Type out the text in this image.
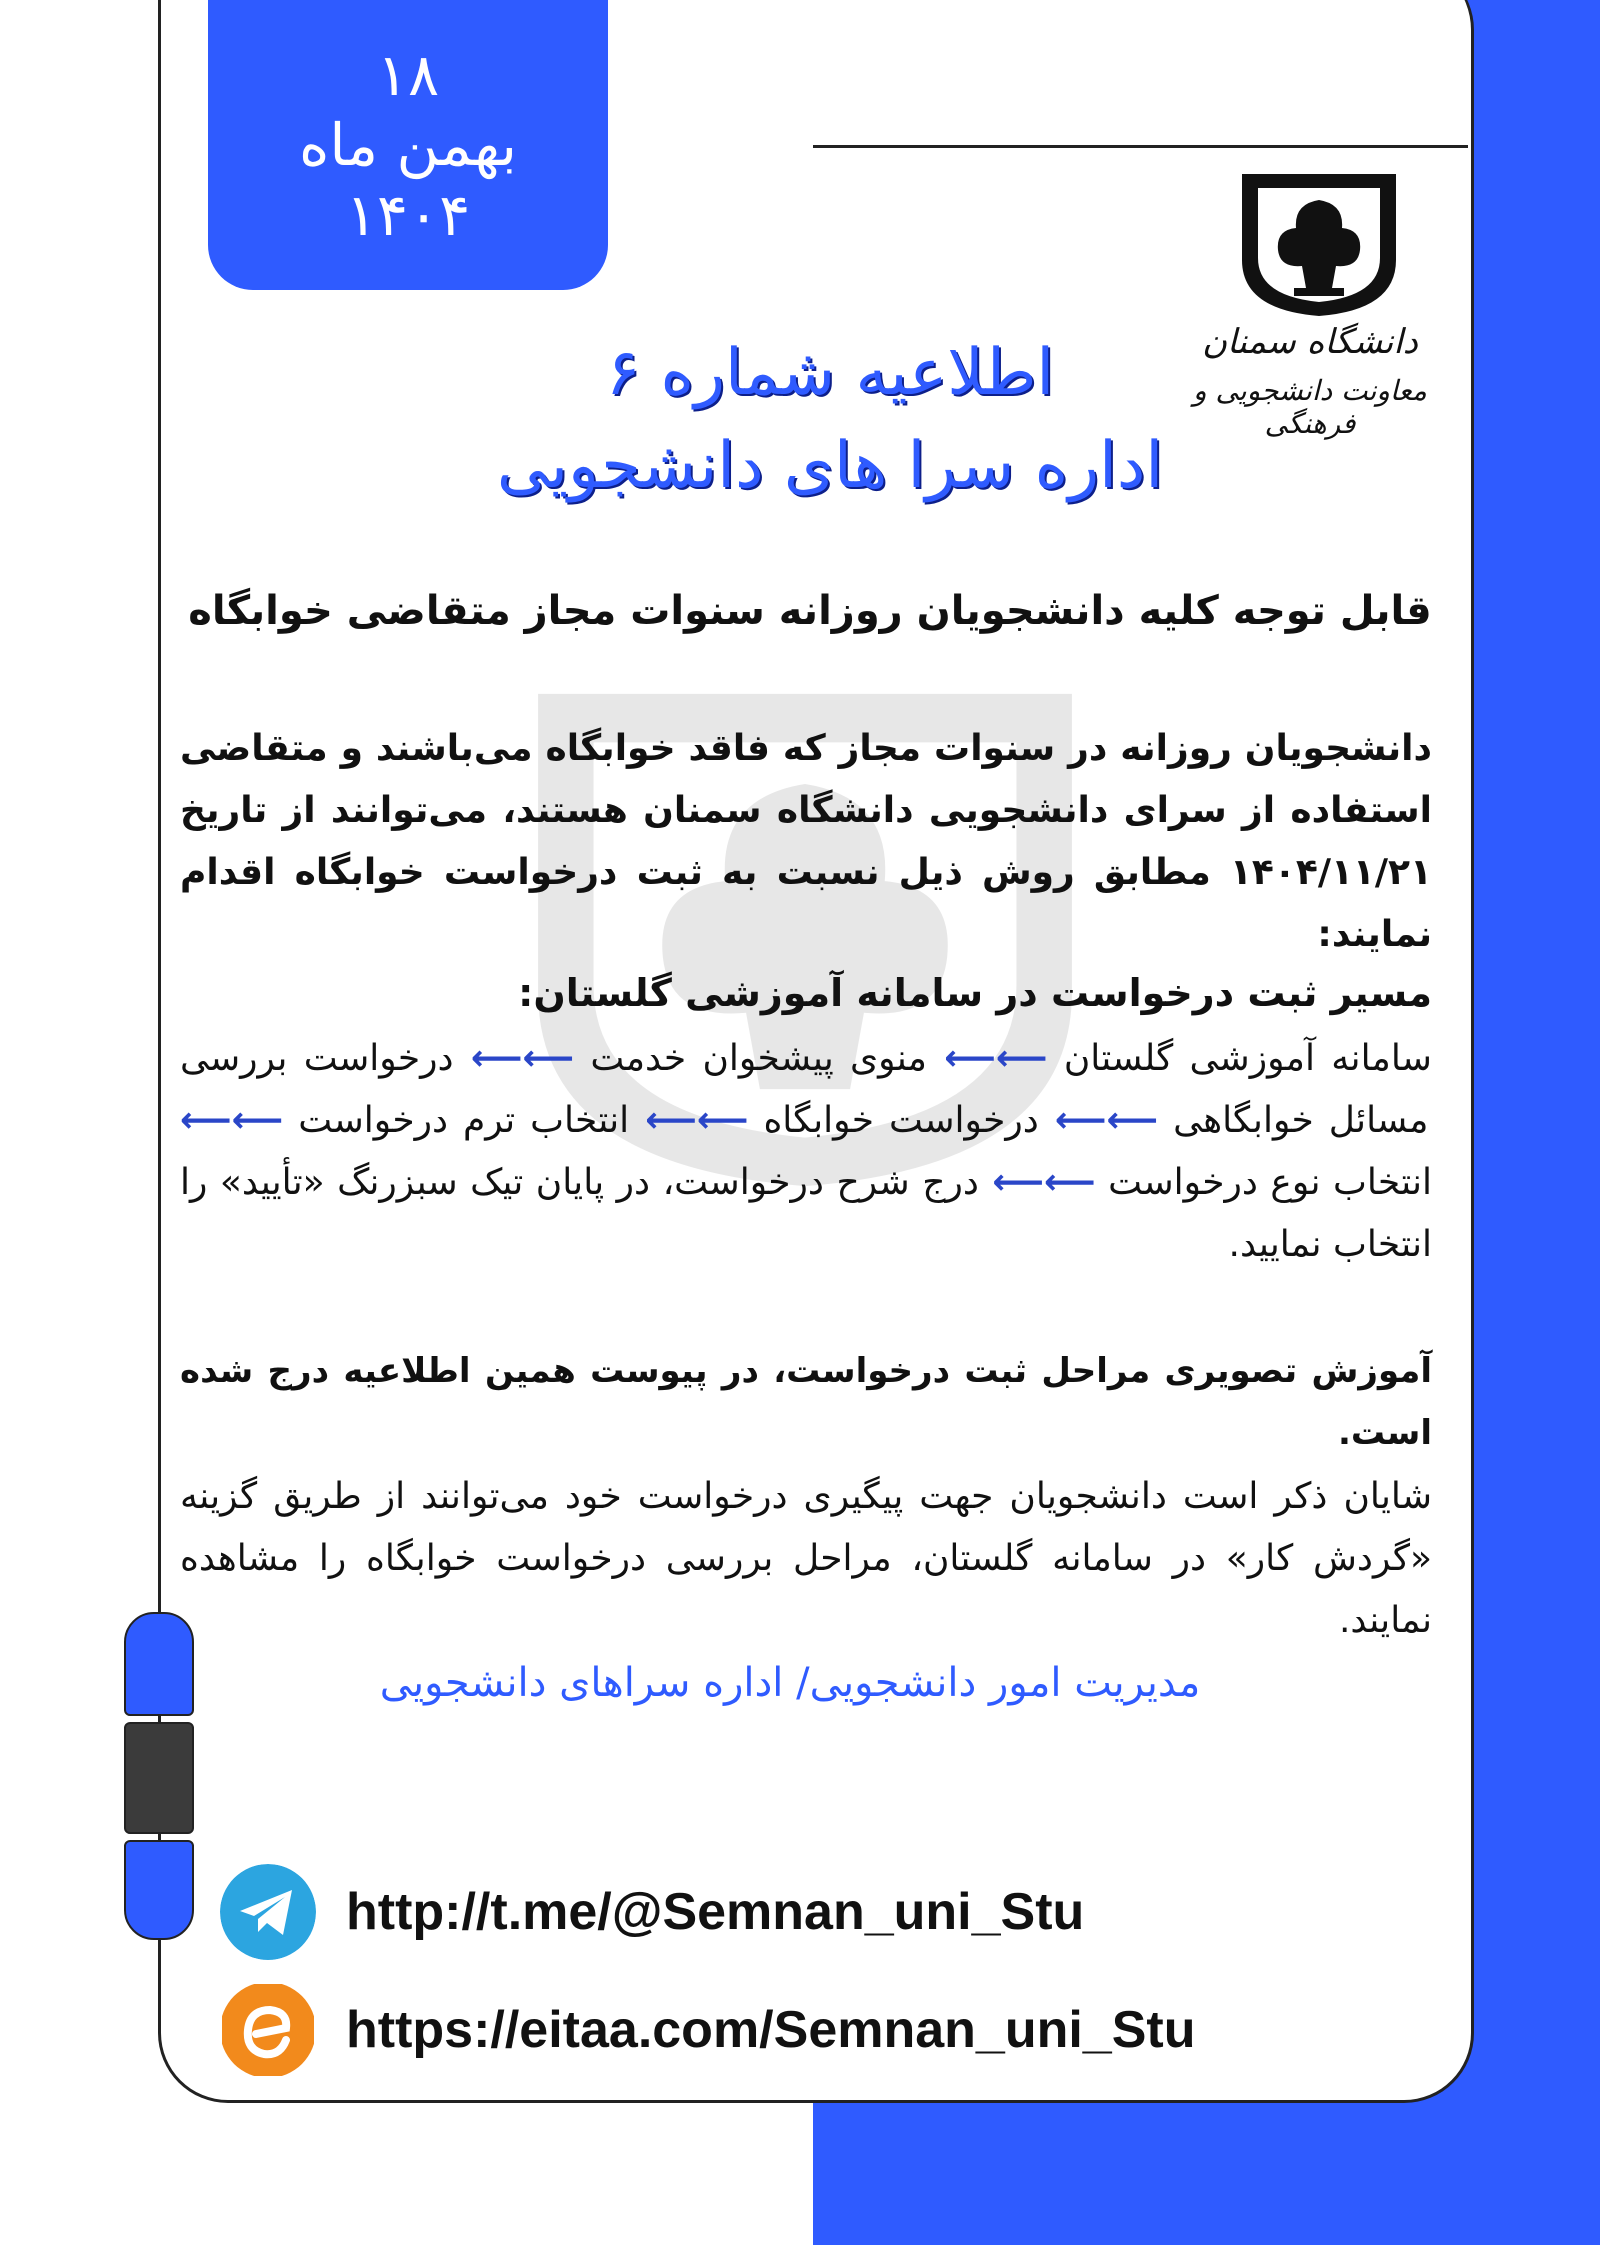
۱۸
بهمن ماه
۱۴۰۴
دانشگاه سمنان
معاونت دانشجویی و فرهنگی
اطلاعیه شماره ۶
اداره سرا های دانشجویی
قابل توجه کلیه دانشجویان روزانه سنوات مجاز متقاضی خوابگاه
دانشجویان روزانه در سنوات مجاز که فاقد خوابگاه می‌باشند و متقاضی استفاده از سرای دانشجویی دانشگاه سمنان هستند، می‌توانند از تاریخ ۱۴۰۴/۱۱/۲۱ مطابق روش ذیل نسبت به ثبت درخواست خوابگاه اقدام نمایند:
مسیر ثبت درخواست در سامانه آموزشی گلستان:
سامانه آموزشی گلستان ⟵⟵ منوی پیشخوان خدمت ⟵⟵ درخواست بررسی مسائل خوابگاهی ⟵⟵ درخواست خوابگاه ⟵⟵ انتخاب ترم درخواست ⟵⟵ انتخاب نوع درخواست ⟵⟵ درج شرح درخواست، در پایان تیک سبزرنگ «تأیید» را انتخاب نمایید.
آموزش تصویری مراحل ثبت درخواست، در پیوست همین اطلاعیه درج شده است.
شایان ذکر است دانشجویان جهت پیگیری درخواست خود می‌توانند از طریق گزینه «گردش کار» در سامانه گلستان، مراحل بررسی درخواست خوابگاه را مشاهده نمایند.
مدیریت امور دانشجویی/ اداره سراهای دانشجویی
http://t.me/@Semnan_uni_Stu
https://eitaa.com/Semnan_uni_Stu
